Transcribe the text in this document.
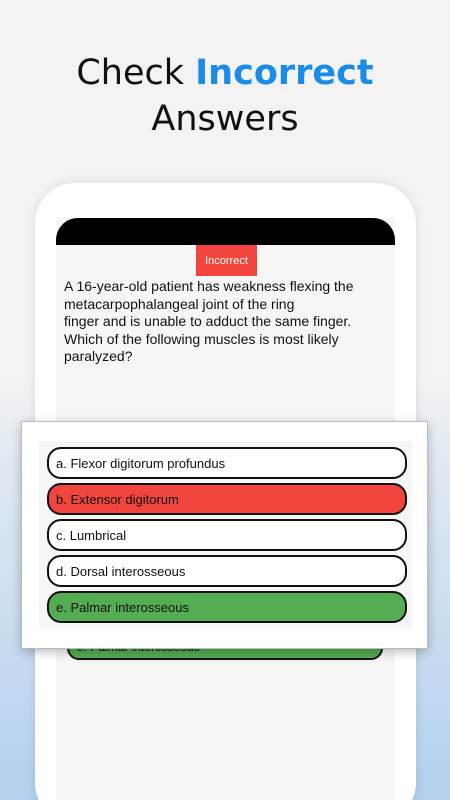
Check Incorrect
Answers
Incorrect
A 16-year-old patient has weakness flexing the
metacarpophalangeal joint of the ring
finger and is unable to adduct the same finger.
Which of the following muscles is most likely
paralyzed?
a. Flexor digitorum profundus
b. Extensor digitorum
c. Lumbrical
d. Dorsal interosseous
e. Palmar interosseous
